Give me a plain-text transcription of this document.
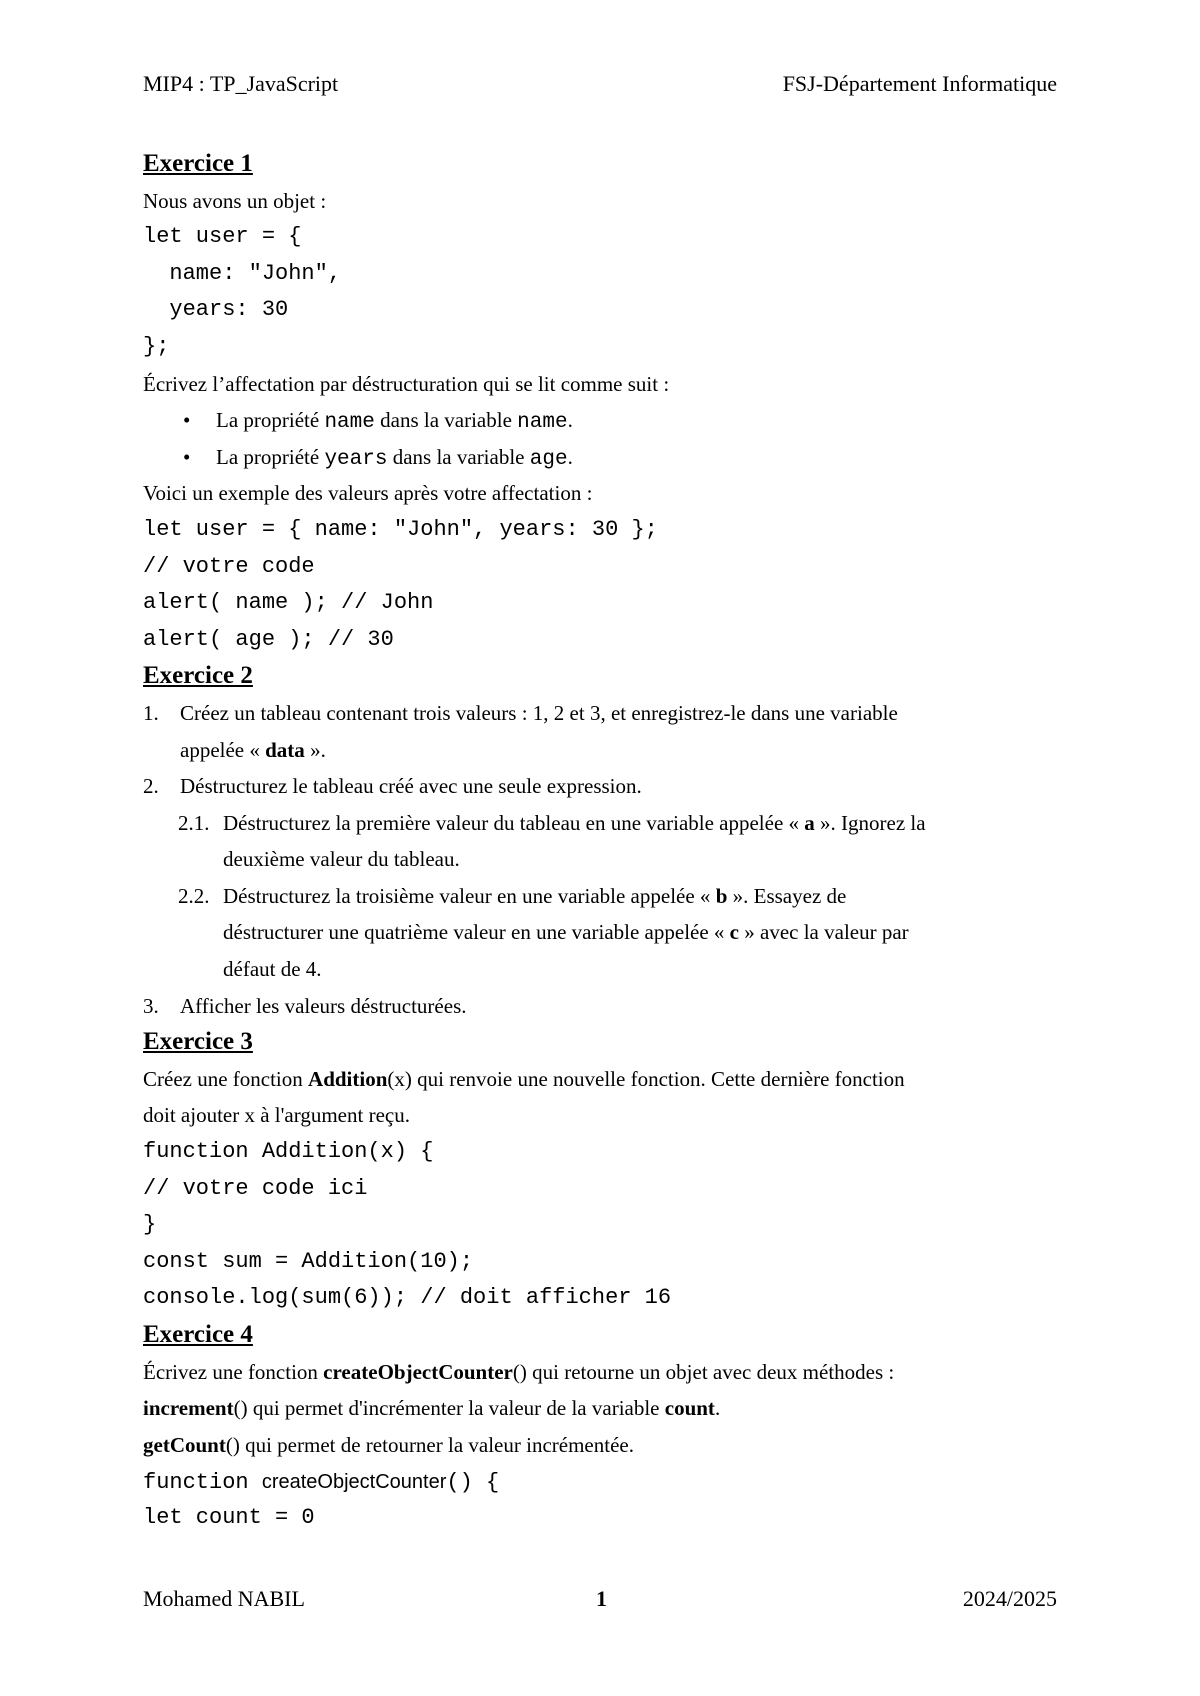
MIP4 : TP_JavaScript	FSJ-Département Informatique
Exercice 1
Nous avons un objet :
let user = {
name: "John",
years: 30
};
Écrivez l’affectation par déstructuration qui se lit comme suit :
• La propriété name dans la variable name.
• La propriété years dans la variable age.
Voici un exemple des valeurs après votre affectation :
let user = { name: "John", years: 30 };
// votre code
alert( name ); // John
alert( age ); // 30
Exercice 2
1. Créez un tableau contenant trois valeurs : 1, 2 et 3, et enregistrez-le dans une variable
appelée « data ».
2. Déstructurez le tableau créé avec une seule expression.
2.1. Déstructurez la première valeur du tableau en une variable appelée « a ». Ignorez la
deuxième valeur du tableau.
2.2. Déstructurez la troisième valeur en une variable appelée « b ». Essayez de
déstructurer une quatrième valeur en une variable appelée « c » avec la valeur par
défaut de 4.
3. Afficher les valeurs déstructurées.
Exercice 3
Créez une fonction Addition(x) qui renvoie une nouvelle fonction. Cette dernière fonction
doit ajouter x à l'argument reçu.
function Addition(x) {
// votre code ici
}
const sum = Addition(10);
console.log(sum(6)); // doit afficher 16
Exercice 4
Écrivez une fonction createObjectCounter() qui retourne un objet avec deux méthodes :
increment() qui permet d'incrémenter la valeur de la variable count.
getCount() qui permet de retourner la valeur incrémentée.
function createObjectCounter() {
let count = 0
Mohamed NABIL	1	2024/2025
